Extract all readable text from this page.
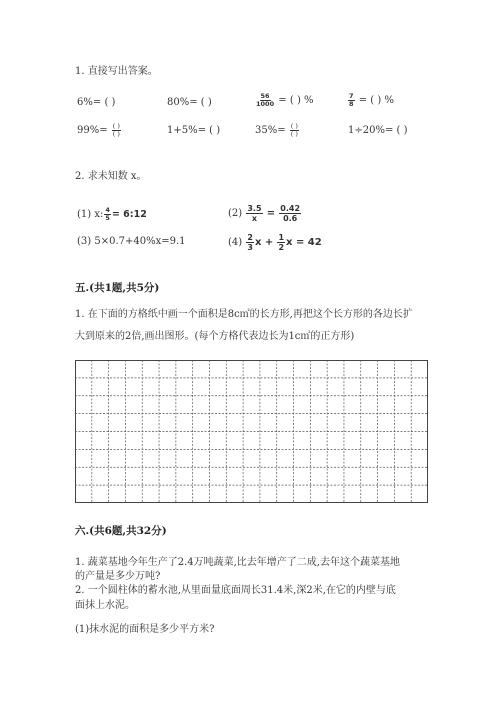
1. 直接写出答案。
6%= ( )	80%= ( )	$\frac{56}{1000}$ = ( ) %	$\frac{7}{8}$ = ( ) %
$99\%= \frac{( )}{( )}$	1+5%= ( )	$35\%= \frac{( )}{( )}$	1÷20%= ( )
2. 求未知数 x。
(1) x: $\frac{4}{5}$ = 6:12	$(2) \frac{3.5}{x} = \frac{0.42}{0.6}$
(3) 5×0.7+40%x=9.1	$(4) \frac{2}{3}$ $x + \frac{1}{2}$ x = 42
五.(共1题,共5分)
1. 在下面的方格纸中画一个面积是8c㎡的长方形,再把这个长方形的各边长扩
大到原来的2倍,画出图形。(每个方格代表边长为1c㎡的正方形)
六.(共6题,共32分)
1. 蔬菜基地今年生产了2.4万吨蔬菜,比去年增产了二成,去年这个蔬菜基地
的产量是多少万吨?
2. 一个圆柱体的蓄水池,从里面量底面周长31.4米,深2米,在它的内壁与底
面抹上水泥。
(1)抹水泥的面积是多少平方米?
